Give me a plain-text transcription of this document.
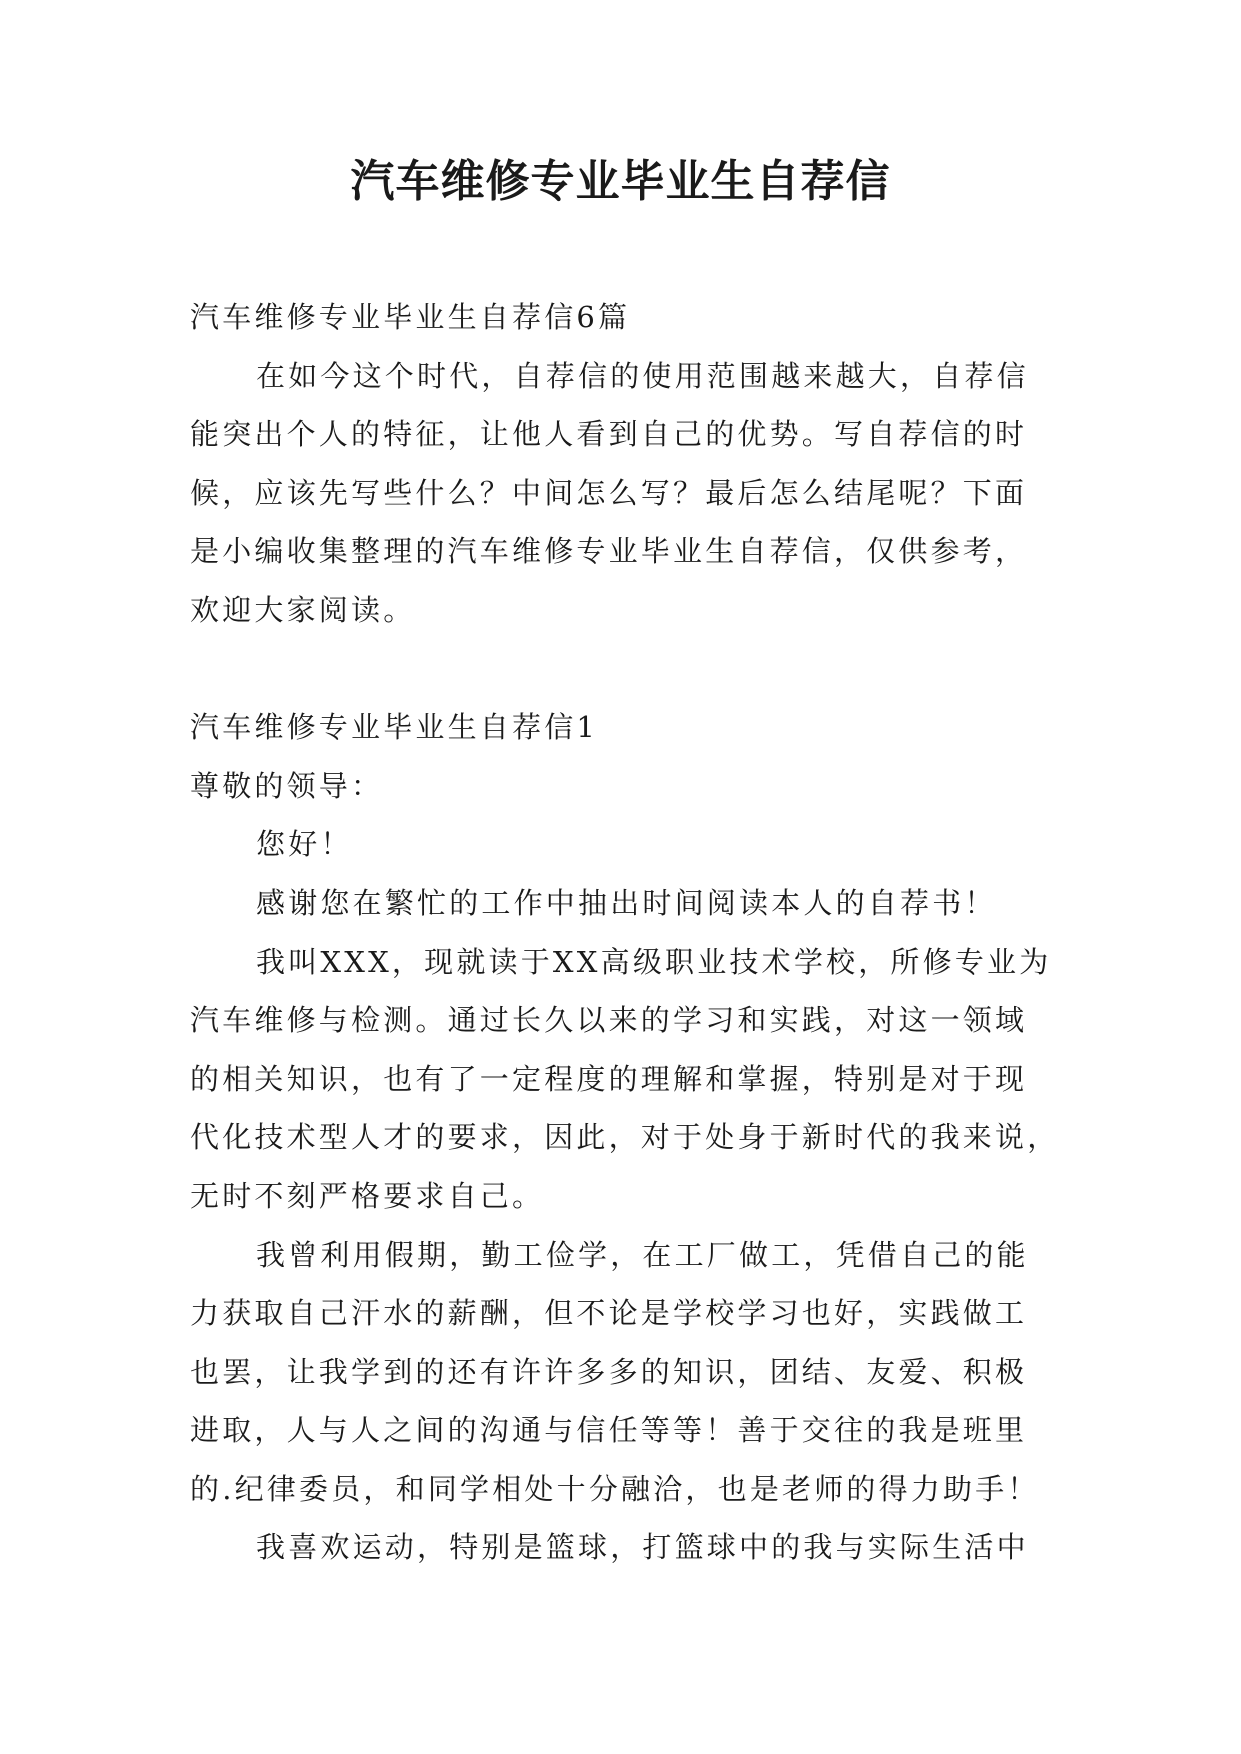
汽车维修专业毕业生自荐信
汽车维修专业毕业生自荐信6篇
在如今这个时代，自荐信的使用范围越来越大，自荐信
能突出个人的特征，让他人看到自己的优势。写自荐信的时
候，应该先写些什么？中间怎么写？最后怎么结尾呢？下面
是小编收集整理的汽车维修专业毕业生自荐信，仅供参考，
欢迎大家阅读。
汽车维修专业毕业生自荐信1
尊敬的领导：
您好！
感谢您在繁忙的工作中抽出时间阅读本人的自荐书！
我叫XXX，现就读于XX高级职业技术学校，所修专业为
汽车维修与检测。通过长久以来的学习和实践，对这一领域
的相关知识，也有了一定程度的理解和掌握，特别是对于现
代化技术型人才的要求，因此，对于处身于新时代的我来说，
无时不刻严格要求自己。
我曾利用假期，勤工俭学，在工厂做工，凭借自己的能
力获取自己汗水的薪酬，但不论是学校学习也好，实践做工
也罢，让我学到的还有许许多多的知识，团结、友爱、积极
进取，人与人之间的沟通与信任等等！善于交往的我是班里
的.纪律委员，和同学相处十分融洽，也是老师的得力助手！
我喜欢运动，特别是篮球，打篮球中的我与实际生活中
